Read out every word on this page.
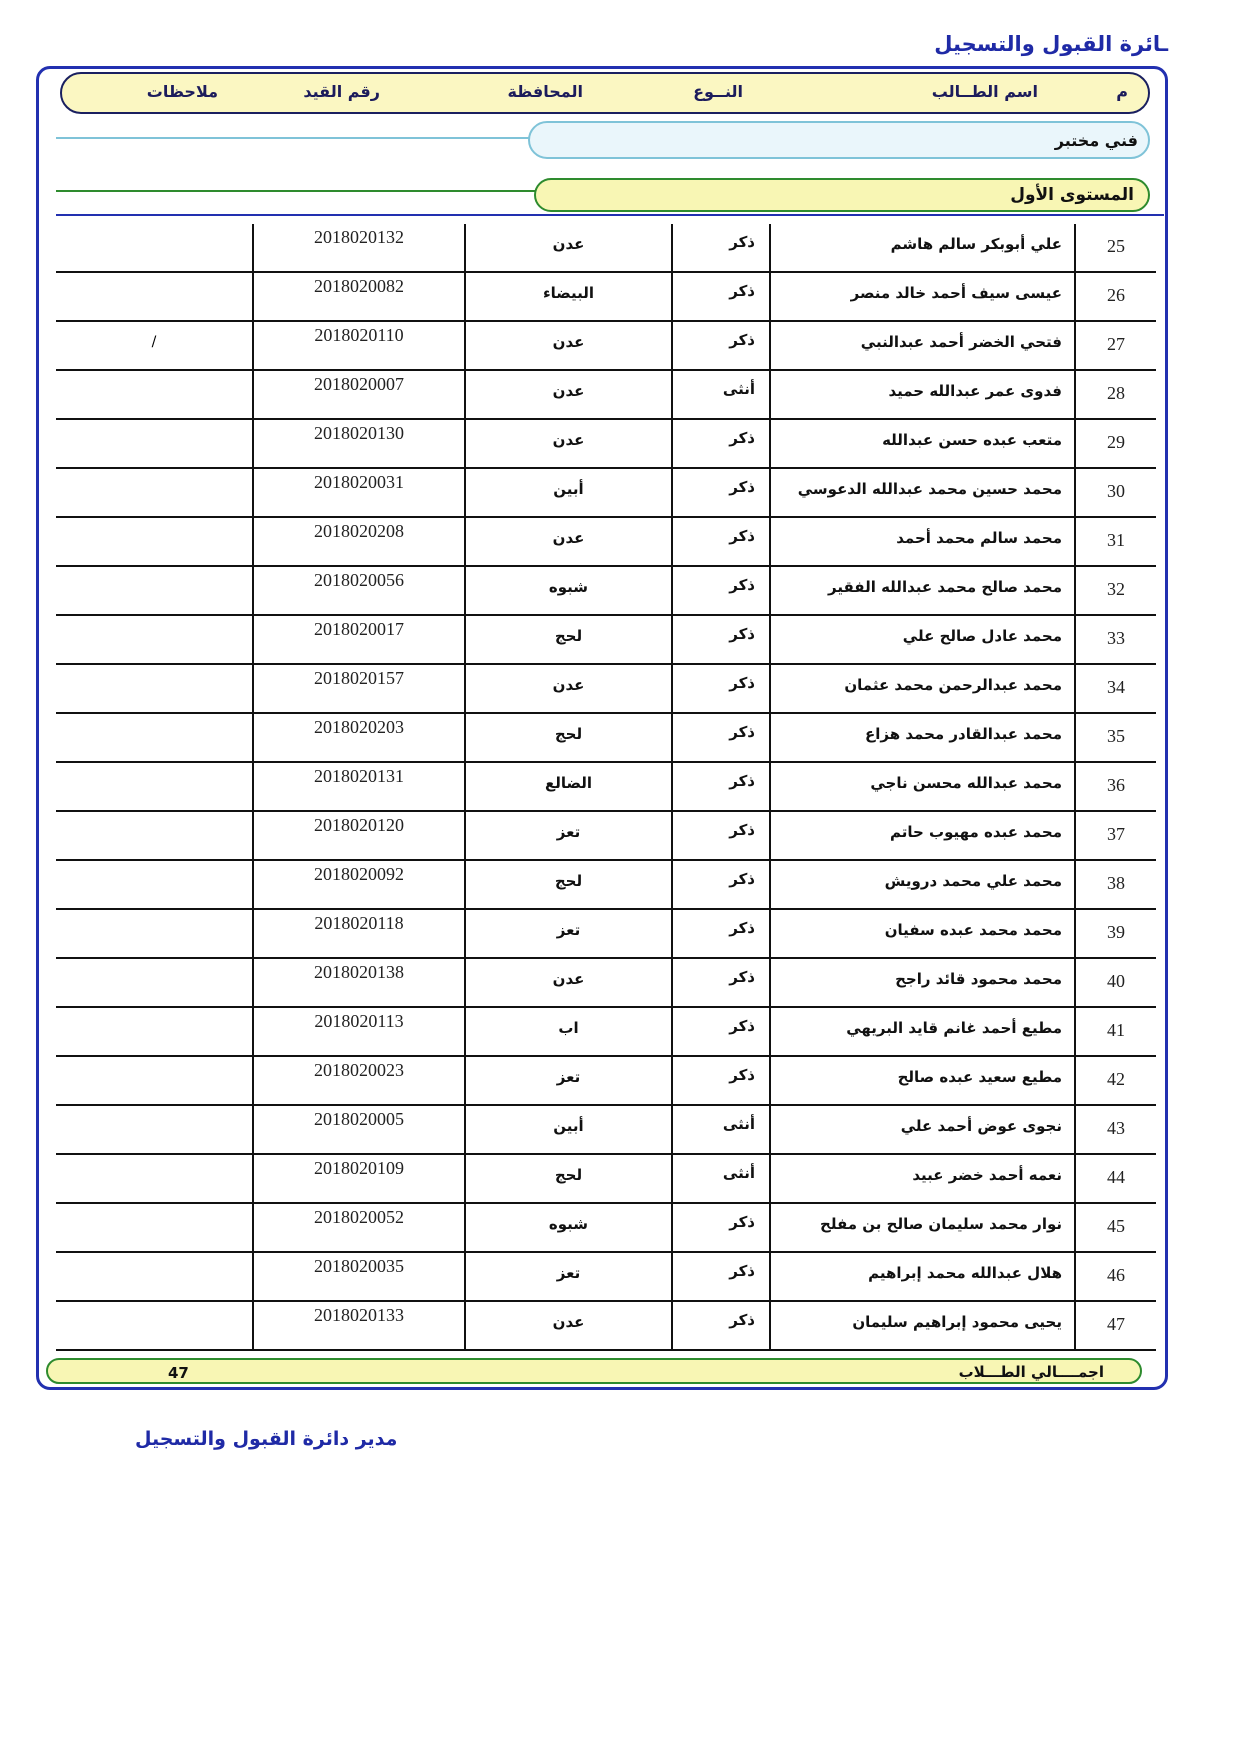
ـائرة القبول والتسجيل
م
اسم الطــالب
النــوع
المحافظة
رقم القيد
ملاحظات
فني مختبر
المستوى الأول
25
علي أبوبكر سالم هاشم
ذكر
عدن
2018020132
26
عيسى سيف أحمد خالد منصر
ذكر
البيضاء
2018020082
27
فتحي الخضر أحمد عبدالنبي
ذكر
عدن
2018020110
/
28
فدوى عمر عبدالله حميد
أنثى
عدن
2018020007
29
متعب عبده حسن عبدالله
ذكر
عدن
2018020130
30
محمد حسين محمد عبدالله الدعوسي
ذكر
أبين
2018020031
31
محمد سالم محمد أحمد
ذكر
عدن
2018020208
32
محمد صالح محمد عبدالله الفقير
ذكر
شبوه
2018020056
33
محمد عادل صالح علي
ذكر
لحج
2018020017
34
محمد عبدالرحمن محمد عثمان
ذكر
عدن
2018020157
35
محمد عبدالقادر محمد هزاع
ذكر
لحج
2018020203
36
محمد عبدالله محسن ناجي
ذكر
الضالع
2018020131
37
محمد عبده مهيوب حاتم
ذكر
تعز
2018020120
38
محمد علي محمد درويش
ذكر
لحج
2018020092
39
محمد محمد عبده سفيان
ذكر
تعز
2018020118
40
محمد محمود قائد راجح
ذكر
عدن
2018020138
41
مطيع أحمد غانم قايد البريهي
ذكر
اب
2018020113
42
مطيع سعيد عبده صالح
ذكر
تعز
2018020023
43
نجوى عوض أحمد علي
أنثى
أبين
2018020005
44
نعمه أحمد خضر عبيد
أنثى
لحج
2018020109
45
نوار محمد سليمان صالح بن مفلح
ذكر
شبوه
2018020052
46
هلال عبدالله محمد إبراهيم
ذكر
تعز
2018020035
47
يحيى محمود إبراهيم سليمان
ذكر
عدن
2018020133
اجمــــالي الطـــلاب
47
مدير دائرة القبول والتسجيل
